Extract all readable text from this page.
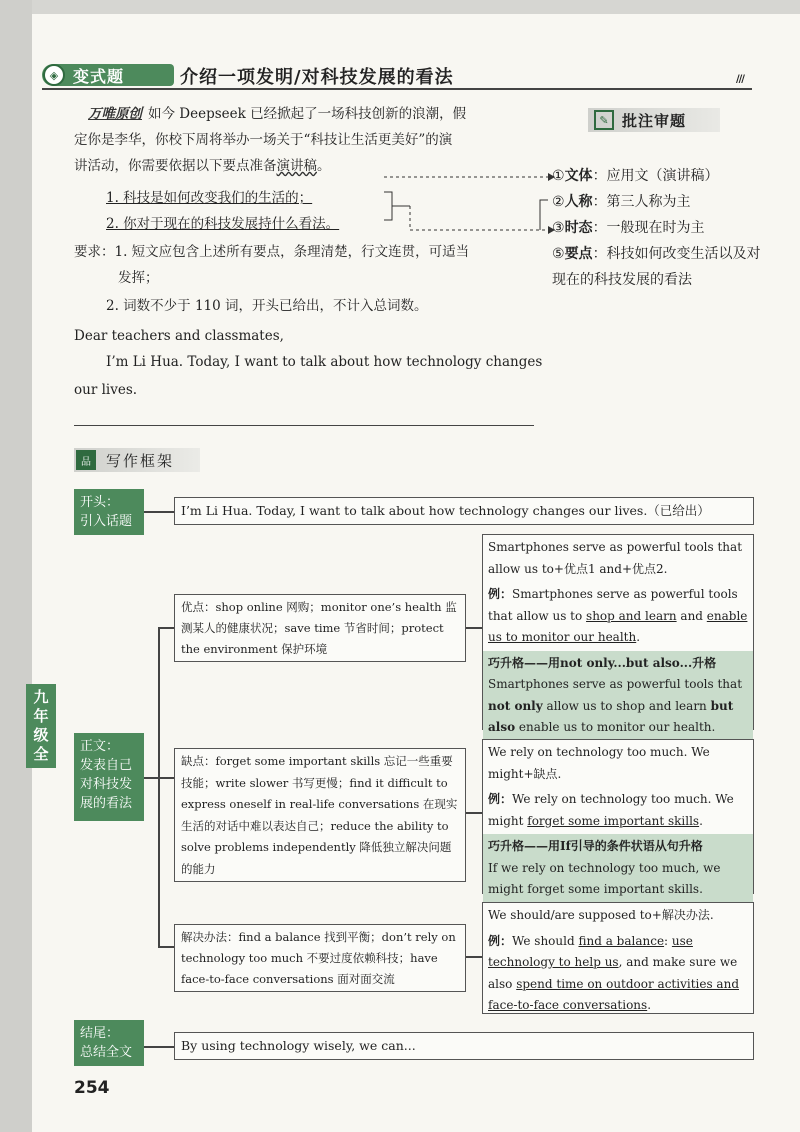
◈ 变式题	介绍一项发明/对科技发展的看法	///
万唯原创 如今 Deepseek 已经掀起了一场科技创新的浪潮，假
定你是李华，你校下周将举办一场关于“科技让生活更美好”的演
讲活动，你需要依据以下要点准备演讲稿。
1. 科技是如何改变我们的生活的；
2. 你对于现在的科技发展持什么看法。
要求：1. 短文应包含上述所有要点，条理清楚，行文连贯，可适当
发挥；
2. 词数不少于 110 词，开头已给出，不计入总词数。
Dear teachers and classmates,
I’m Li Hua. Today, I want to talk about how technology changes
our lives.
✎ 批注审题
①文体：应用文（演讲稿）
②人称：第三人称为主
③时态：一般现在时为主
⑤要点：科技如何改变生活以及对现在的科技发展的看法
品	写作框架
九年级全
开头：
引入话题
I’m Li Hua. Today, I want to talk about how technology changes our lives.（已给出）
正文：
发表自己
对科技发
展的看法
优点：shop online 网购；monitor one’s health 监测某人的健康状况；save time 节省时间；protect the environment 保护环境
Smartphones serve as powerful tools that allow us to+优点1 and+优点2.
例：Smartphones serve as powerful tools that allow us to shop and learn and enable us to monitor our health.
巧升格——用not only...but also...升格
Smartphones serve as powerful tools that not only allow us to shop and learn but also enable us to monitor our health.
缺点：forget some important skills 忘记一些重要技能；write slower 书写更慢；find it difficult to express oneself in real-life conversations 在现实生活的对话中难以表达自己；reduce the ability to solve problems independently 降低独立解决问题的能力
We rely on technology too much. We might+缺点.
例：We rely on technology too much. We might forget some important skills.
巧升格——用If引导的条件状语从句升格
If we rely on technology too much, we might forget some important skills.
解决办法：find a balance 找到平衡；don’t rely on technology too much 不要过度依赖科技；have face-to-face conversations 面对面交流
We should/are supposed to+解决办法.
例：We should find a balance: use technology to help us, and make sure we also spend time on outdoor activities and face-to-face conversations.
结尾：
总结全文	By using technology wisely, we can...
254
